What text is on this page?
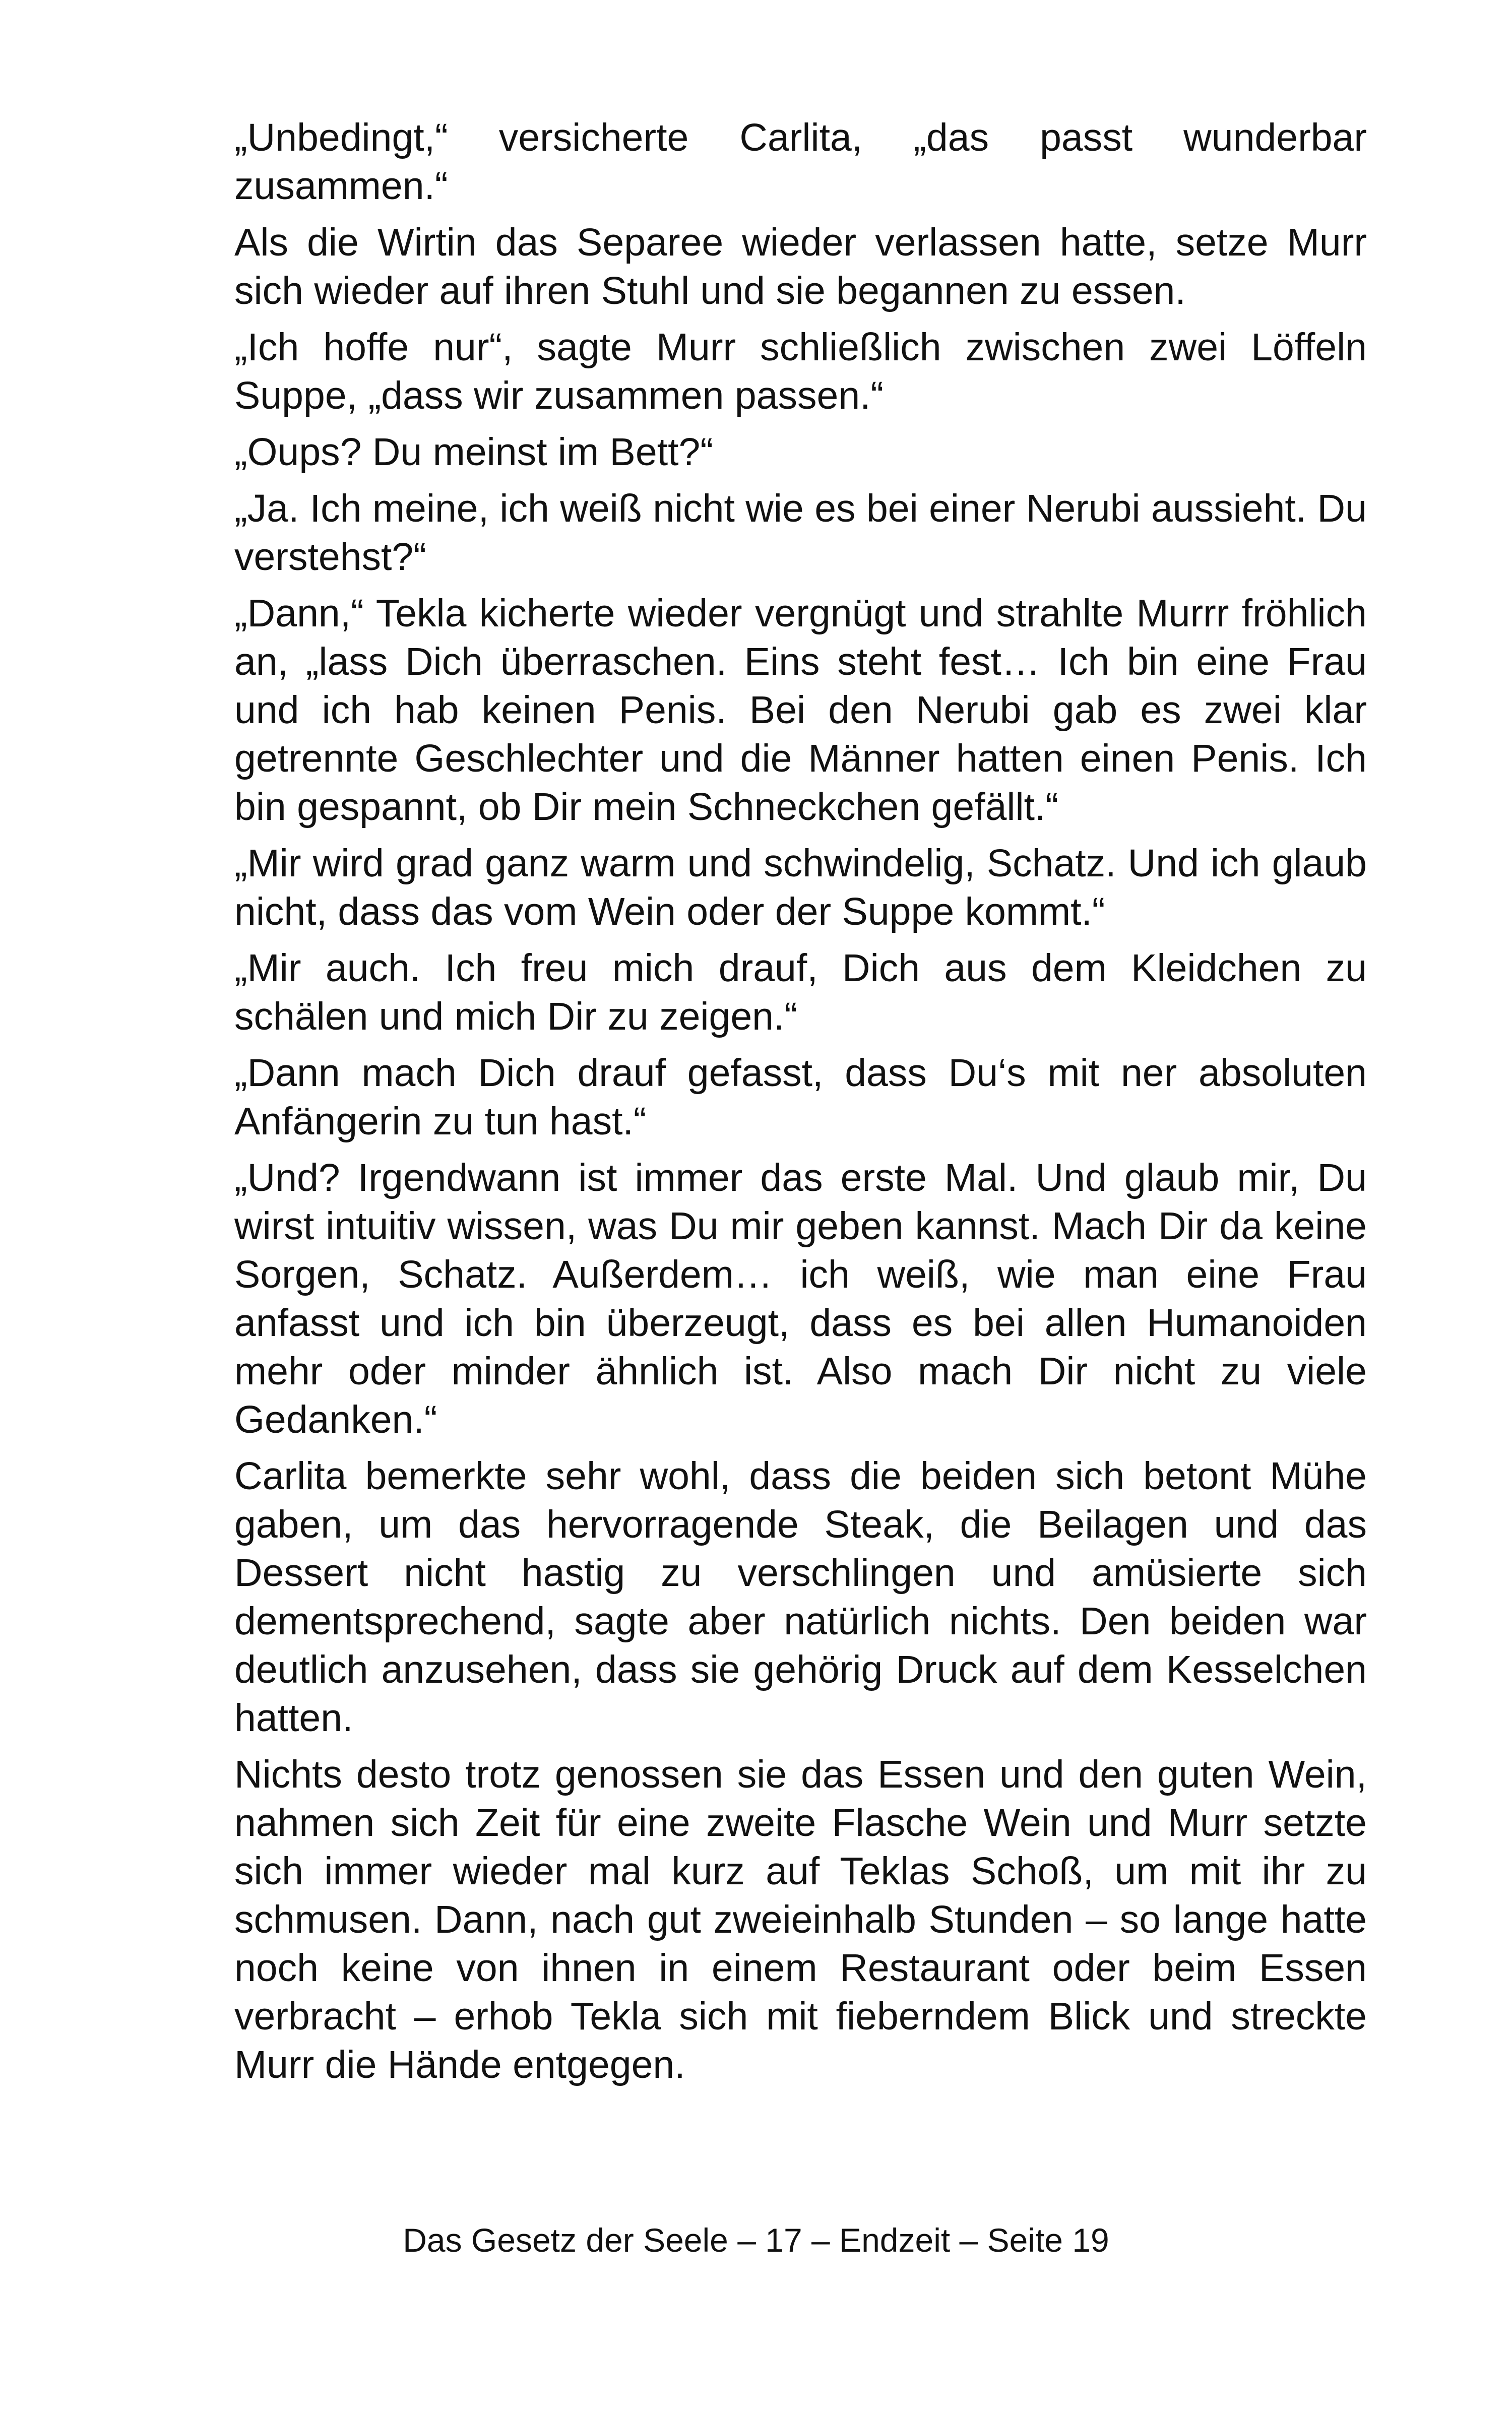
„Unbedingt,“ versicherte Carlita, „das passt wunderbar zusammen.“

Als die Wirtin das Separee wieder verlassen hatte, setze Murr sich wieder auf ihren Stuhl und sie begannen zu essen.

„Ich hoffe nur“, sagte Murr schließlich zwischen zwei Löffeln Suppe, „dass wir zusammen passen.“

„Oups? Du meinst im Bett?“

„Ja. Ich meine, ich weiß nicht wie es bei einer Nerubi aussieht. Du verstehst?“

„Dann,“ Tekla kicherte wieder vergnügt und strahlte Murrr fröhlich an, „lass Dich überraschen. Eins steht fest… Ich bin eine Frau und ich hab keinen Penis. Bei den Nerubi gab es zwei klar getrennte Geschlechter und die Männer hatten einen Penis. Ich bin gespannt, ob Dir mein Schneckchen gefällt.“

„Mir wird grad ganz warm und schwindelig, Schatz. Und ich glaub nicht, dass das vom Wein oder der Suppe kommt.“

„Mir auch. Ich freu mich drauf, Dich aus dem Kleidchen zu schälen und mich Dir zu zeigen.“

„Dann mach Dich drauf gefasst, dass Du‘s mit ner absoluten Anfängerin zu tun hast.“

„Und? Irgendwann ist immer das erste Mal. Und glaub mir, Du wirst intuitiv wissen, was Du mir geben kannst. Mach Dir da keine Sorgen, Schatz. Außerdem… ich weiß, wie man eine Frau anfasst und ich bin überzeugt, dass es bei allen Humanoiden mehr oder minder ähnlich ist. Also mach Dir nicht zu viele Gedanken.“

Carlita bemerkte sehr wohl, dass die beiden sich betont Mühe gaben, um das hervorragende Steak, die Beilagen und das Dessert nicht hastig zu verschlingen und amüsierte sich dementsprechend, sagte aber natürlich nichts. Den beiden war deutlich anzusehen, dass sie gehörig Druck auf dem Kesselchen hatten.

Nichts desto trotz genossen sie das Essen und den guten Wein, nahmen sich Zeit für eine zweite Flasche Wein und Murr setzte sich immer wieder mal kurz auf Teklas Schoß, um mit ihr zu schmusen. Dann, nach gut zweieinhalb Stunden – so lange hatte noch keine von ihnen in einem Restaurant oder beim Essen verbracht – erhob Tekla sich mit fieberndem Blick und streckte Murr die Hände entgegen.

Das Gesetz der Seele – 17 – Endzeit – Seite 19
